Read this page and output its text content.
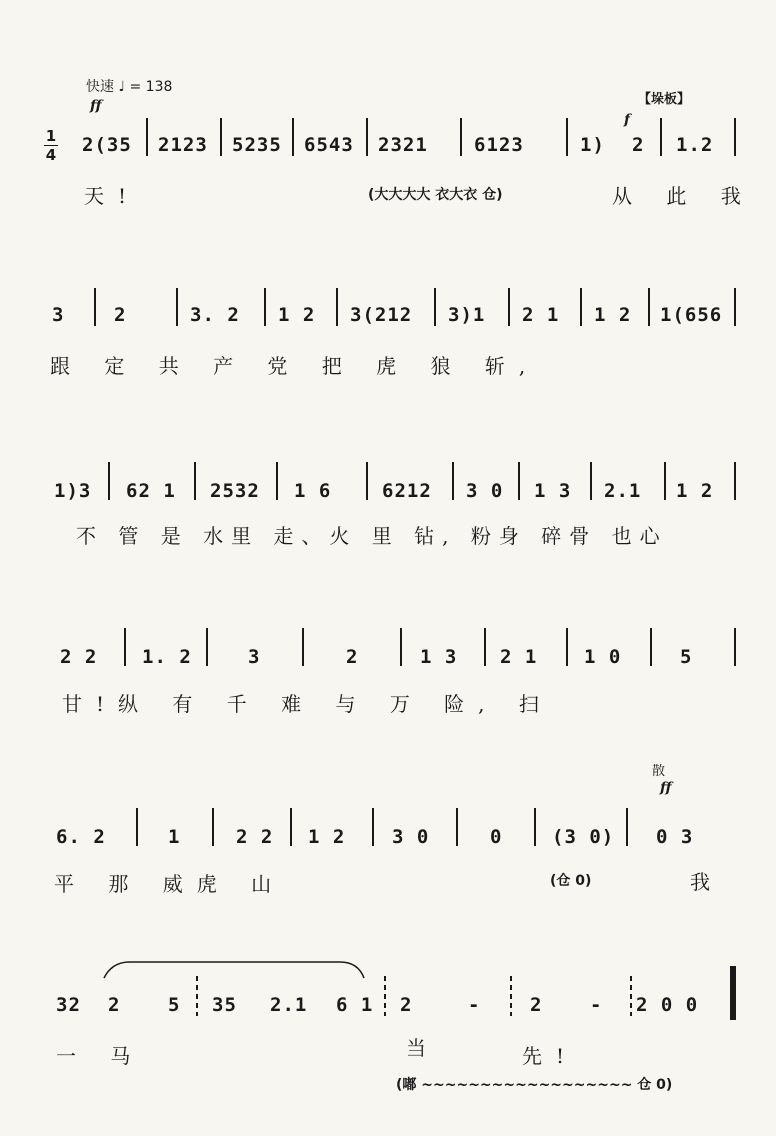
快速 ♩ = 138
ff	【垛板】
1
4 2(35 2123 5235 6543 2321 6123	1)
f
2 1.2
天!	(大大大大 衣大衣 仓)	从 此 我
3	2	3. 2 1 2 3(212 3)1 2 1 1 2 1(656
跟 定 共 产 党 把 虎 狼 斩,
1)3 62 1 2532 1 6	6212 3 0 1 3 2.1 1 2
不 管 是 水里 走、火 里 钻, 粉身 碎骨 也心
2 2 1. 2	3	2	1 3 2 1 1 0	5
甘!纵 有 千 难 与 万 险, 扫
散
ff
6. 2	1	2 2 1 2 3 0	0	(3 0) 0 3
平 那 威虎 山	(仓 0)	我
32 2	5 35 2.1 6 1 2	-	2	- 2 0 0
一 马	当	先!
(嘟 ~~~~~~~~~~~~~~~~~~ 仓 0)
